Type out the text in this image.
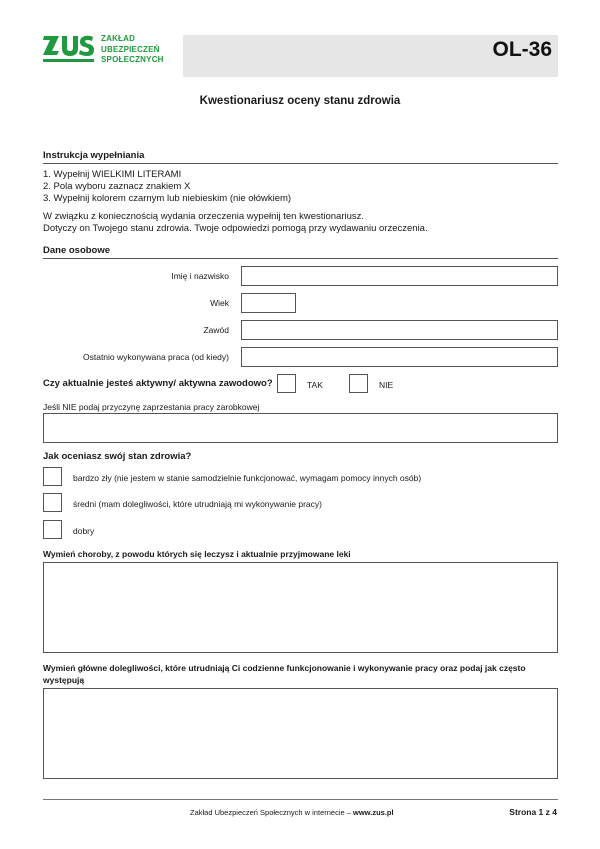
ZAKŁAD
UBEZPIECZEŃ
SPOŁECZNYCH	OL-36
Kwestionariusz oceny stanu zdrowia
Instrukcja wypełniania
1. Wypełnij WIELKIMI LITERAMI
2. Pola wyboru zaznacz znakiem X
3. Wypełnij kolorem czarnym lub niebieskim (nie ołówkiem)
W związku z koniecznością wydania orzeczenia wypełnij ten kwestionariusz.
Dotyczy on Twojego stanu zdrowia. Twoje odpowiedzi pomogą przy wydawaniu orzeczenia.
Dane osobowe
Imię i nazwisko
Wiek
Zawód
Ostatnio wykonywana praca (od kiedy)
Czy aktualnie jesteś aktywny/ aktywna zawodowo?	TAK	NIE
Jeśli NIE podaj przyczynę zaprzestania pracy zarobkowej
Jak oceniasz swój stan zdrowia?
bardzo zły (nie jestem w stanie samodzielnie funkcjonować, wymagam pomocy innych osób)
średni (mam dolegliwości, które utrudniają mi wykonywanie pracy)
dobry
Wymień choroby, z powodu których się leczysz i aktualnie przyjmowane leki
Wymień główne dolegliwości, które utrudniają Ci codzienne funkcjonowanie i wykonywanie pracy oraz podaj jak często
występują
Zakład Ubezpieczeń Społecznych w internecie – www.zus.pl	Strona 1 z 4
